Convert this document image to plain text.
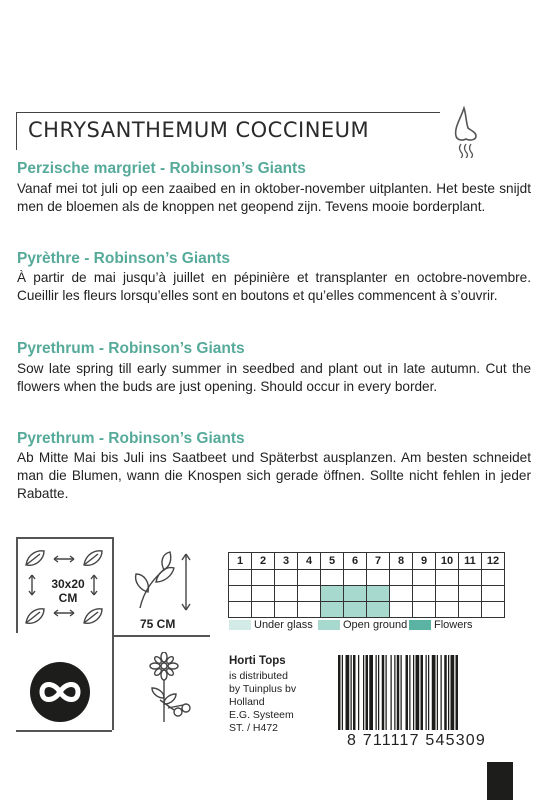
CHRYSANTHEMUM COCCINEUM
Perzische margriet - Robinson’s Giants
Vanaf mei tot juli op een zaaibed en in oktober-november uitplanten. Het beste snijdt men de bloemen als de knoppen net geopend zijn. Tevens mooie borderplant.
Pyrèthre - Robinson’s Giants
À partir de mai jusqu’à juillet en pépinière et transplanter en octobre-novembre. Cueillir les fleurs lorsqu’elles sont en boutons et qu’elles commencent à s’ouvrir.
Pyrethrum - Robinson’s Giants
Sow late spring till early summer in seedbed and plant out in late autumn. Cut the flowers when the buds are just opening. Should occur in every border.
Pyrethrum - Robinson’s Giants
Ab Mitte Mai bis Juli ins Saatbeet und Späterbst ausplanzen. Am besten schneidet man die Blumen, wann die Knospen sich gerade öffnen. Sollte nicht fehlen in jeder Rabatte.
30x20
CM
75 CM
1	2	3	4	5	6	7	8	9	10	11	12

Under glass	Open ground Flowers
Horti Tops
is distributed
by Tuinplus bv
Holland
E.G. Systeem
ST. / H472
8 711117 545309
